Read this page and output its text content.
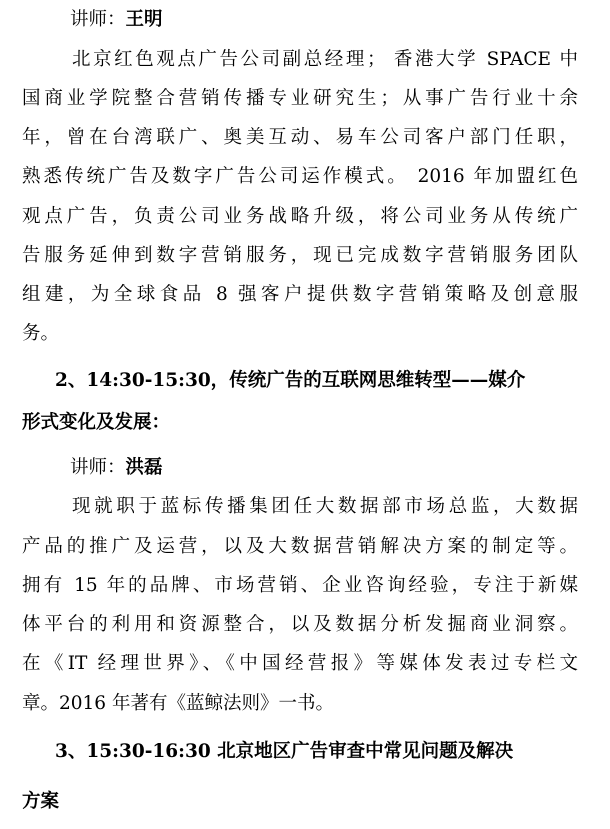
讲师：王明
北京红色观点广告公司副总经理； 香港大学 SPACE 中
国商业学院整合营销传播专业研究生；从事广告行业十余
年，曾在台湾联广、奥美互动、易车公司客户部门任职，
熟悉传统广告及数字广告公司运作模式。 2016 年加盟红色
观点广告，负责公司业务战略升级，将公司业务从传统广
告服务延伸到数字营销服务，现已完成数字营销服务团队
组建，为全球食品 8 强客户提供数字营销策略及创意服
务。
2、14:30-15:30，传统广告的互联网思维转型——媒介
形式变化及发展：
讲师：洪磊
现就职于蓝标传播集团任大数据部市场总监，大数据
产品的推广及运营，以及大数据营销解决方案的制定等。
拥有 15 年的品牌、市场营销、企业咨询经验，专注于新媒
体平台的利用和资源整合，以及数据分析发掘商业洞察。
在《IT 经理世界》、《中国经营报》等媒体发表过专栏文
章。2016 年著有《蓝鲸法则》一书。
3、15:30-16:30 北京地区广告审查中常见问题及解决
方案
